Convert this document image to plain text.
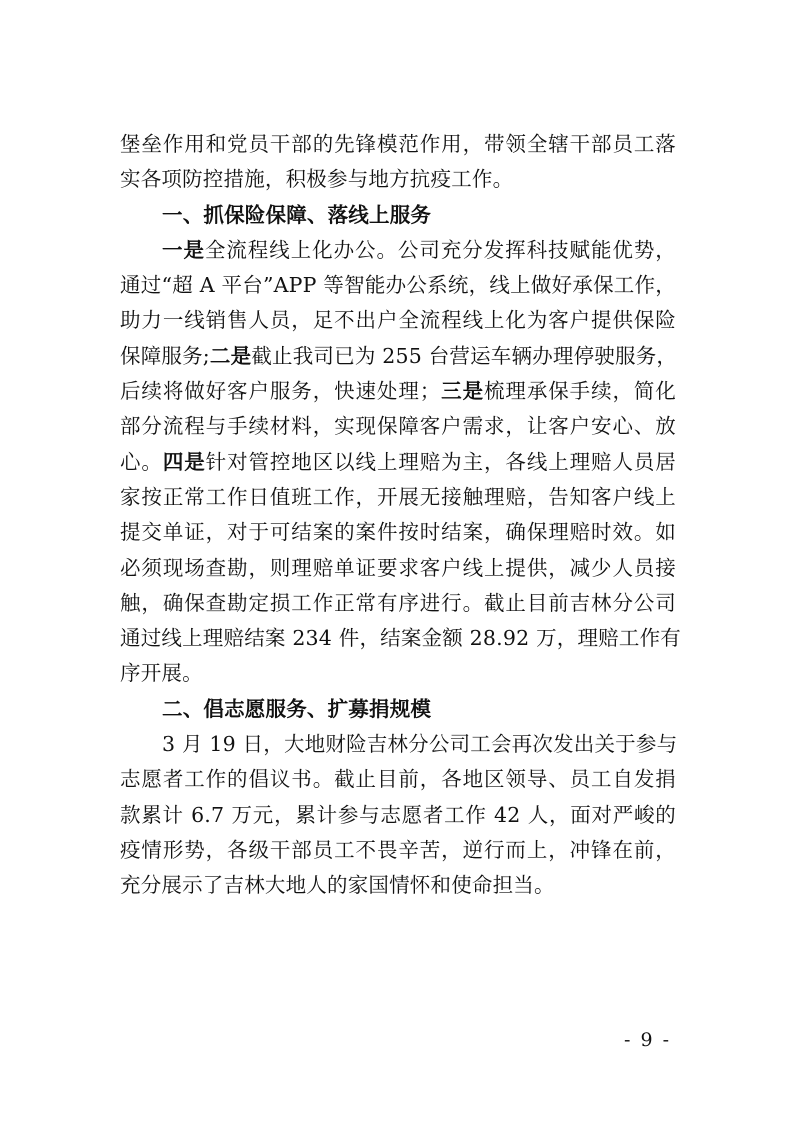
堡垒作用和党员干部的先锋模范作用，带领全辖干部员工落
实各项防控措施，积极参与地方抗疫工作。
一、抓保险保障、落线上服务
一是全流程线上化办公。公司充分发挥科技赋能优势，
通过“超 A 平台”APP 等智能办公系统，线上做好承保工作，
助力一线销售人员，足不出户全流程线上化为客户提供保险
保障服务;二是截止我司已为 255 台营运车辆办理停驶服务，
后续将做好客户服务，快速处理；三是梳理承保手续，简化
部分流程与手续材料，实现保障客户需求，让客户安心、放
心。四是针对管控地区以线上理赔为主，各线上理赔人员居
家按正常工作日值班工作，开展无接触理赔，告知客户线上
提交单证，对于可结案的案件按时结案，确保理赔时效。如
必须现场查勘，则理赔单证要求客户线上提供，减少人员接
触，确保查勘定损工作正常有序进行。截止目前吉林分公司
通过线上理赔结案 234 件，结案金额 28.92 万，理赔工作有
序开展。
二、倡志愿服务、扩募捐规模
3 月 19 日，大地财险吉林分公司工会再次发出关于参与
志愿者工作的倡议书。截止目前，各地区领导、员工自发捐
款累计 6.7 万元，累计参与志愿者工作 42 人，面对严峻的
疫情形势，各级干部员工不畏辛苦，逆行而上，冲锋在前，
充分展示了吉林大地人的家国情怀和使命担当。
- 9 -
